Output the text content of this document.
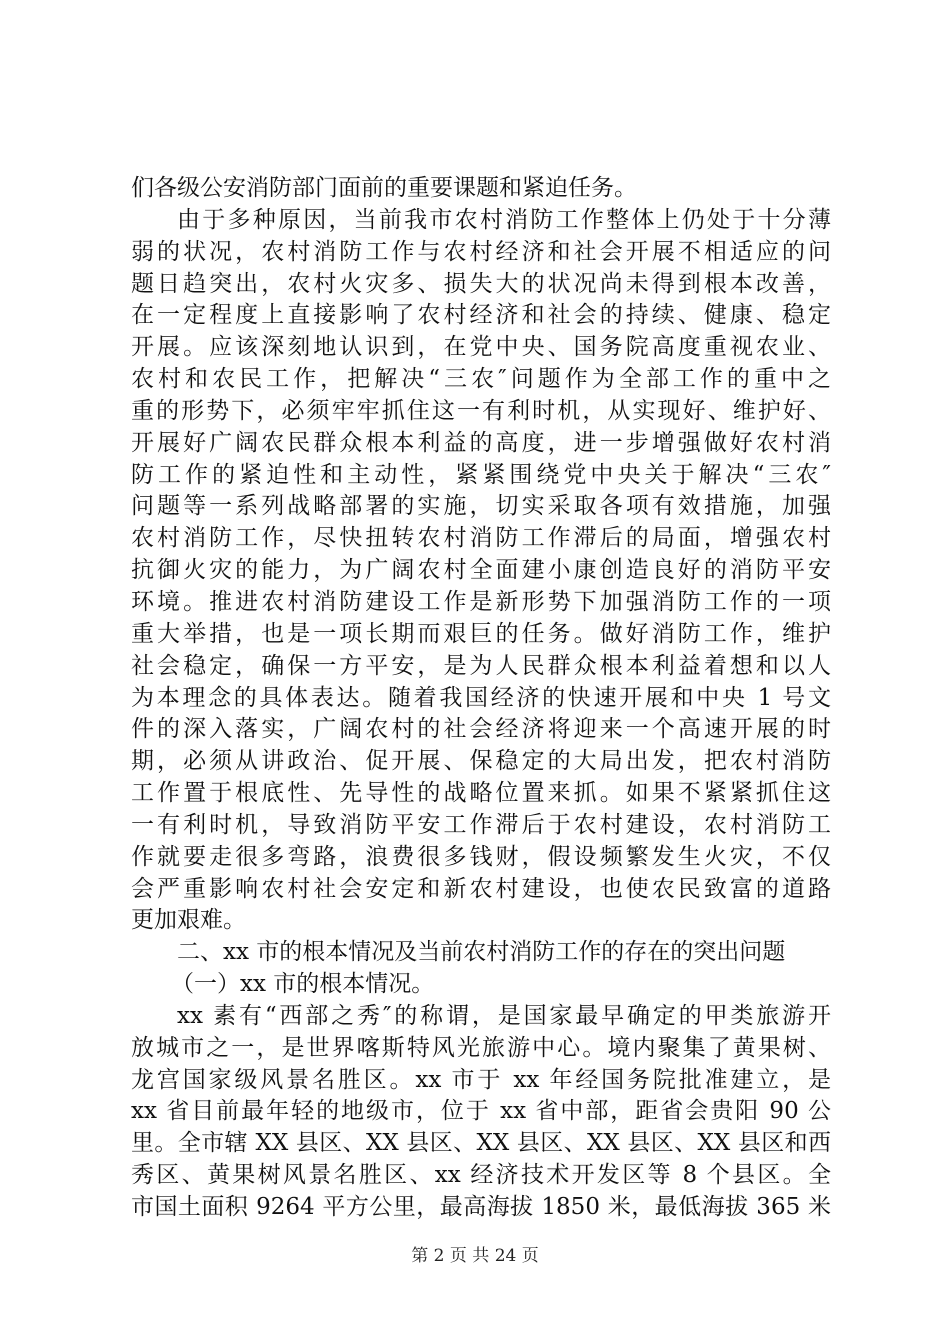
们各级公安消防部门面前的重要课题和紧迫任务。
由于多种原因，当前我市农村消防工作整体上仍处于十分薄
弱的状况，农村消防工作与农村经济和社会开展不相适应的问
题日趋突出，农村火灾多、损失大的状况尚未得到根本改善，
在一定程度上直接影响了农村经济和社会的持续、健康、稳定
开展。应该深刻地认识到，在党中央、国务院高度重视农业、
农村和农民工作，把解决“三农″问题作为全部工作的重中之
重的形势下，必须牢牢抓住这一有利时机，从实现好、维护好、
开展好广阔农民群众根本利益的高度，进一步增强做好农村消
防工作的紧迫性和主动性，紧紧围绕党中央关于解决“三农″
问题等一系列战略部署的实施，切实采取各项有效措施，加强
农村消防工作，尽快扭转农村消防工作滞后的局面，增强农村
抗御火灾的能力，为广阔农村全面建小康创造良好的消防平安
环境。推进农村消防建设工作是新形势下加强消防工作的一项
重大举措，也是一项长期而艰巨的任务。做好消防工作，维护
社会稳定，确保一方平安，是为人民群众根本利益着想和以人
为本理念的具体表达。随着我国经济的快速开展和中央 1 号文
件的深入落实，广阔农村的社会经济将迎来一个高速开展的时
期，必须从讲政治、促开展、保稳定的大局出发，把农村消防
工作置于根底性、先导性的战略位置来抓。如果不紧紧抓住这
一有利时机，导致消防平安工作滞后于农村建设，农村消防工
作就要走很多弯路，浪费很多钱财，假设频繁发生火灾，不仅
会严重影响农村社会安定和新农村建设，也使农民致富的道路
更加艰难。
二、xx 市的根本情况及当前农村消防工作的存在的突出问题
（一）xx 市的根本情况。
xx 素有“西部之秀″的称谓，是国家最早确定的甲类旅游开
放城市之一，是世界喀斯特风光旅游中心。境内聚集了黄果树、
龙宫国家级风景名胜区。xx 市于 xx 年经国务院批准建立，是
xx 省目前最年轻的地级市，位于 xx 省中部，距省会贵阳 90 公
里。全市辖 XX 县区、XX 县区、XX 县区、XX 县区、XX 县区和西
秀区、黄果树风景名胜区、xx 经济技术开发区等 8 个县区。全
市国土面积 9264 平方公里，最高海拔 1850 米，最低海拔 365 米
第 2 页 共 24 页
